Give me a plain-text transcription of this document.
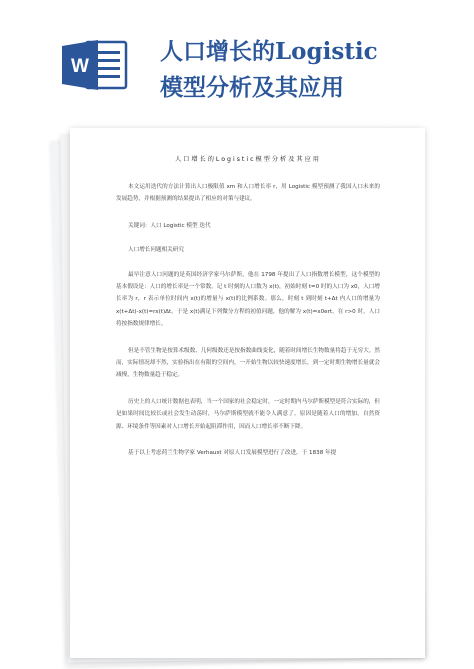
W
人口增长的Logistic
模型分析及其应用
人口增长的Logistic模型分析及其应用

本文运用迭代的方法计算出人口极限值 xm 和人口增长率 r，用 Logistic 模型预测了我国人口未来的发展趋势，并根据预测的结果提出了相应的对策与建议。

关键词：人口 Logistic 模型 迭代

人口增长问题相关研究

最早注意人口问题的是英国经济学家马尔萨斯，他在 1798 年提出了人口指数增长模型，这个模型的基本假设是：人口的增长率是一个常数。记 t 时刻的人口数为 x(t)，初始时刻 t=0 时的人口为 x0，人口增长率为 r，r 表示单位时间内 x(t)的增量与 x(t)的比例系数。那么，时刻 t 到时刻 t+Δt 内人口的增量为 x(t+Δt)-x(t)=rx(t)Δt。于是 x(t)满足下列微分方程的初值问题，他的解为 x(t)=x0ert。在 r>0 时，人口将按指数规律增长。

但是不管生物是按算术级数、几何级数还是按指数曲线变化，随着时间增长生物数量将趋于无穷大。然而，实际情况却不然，实验指出在有限的空间内，一开始生物以较快速度增长，到一定时期生物增长量就会减慢，生物数量趋于稳定。

历史上的人口统计数据也表明，当一个国家的社会稳定时，一定时期内马尔萨斯模型是符合实际的，但是如果时间比较长或社会发生动荡时，马尔萨斯模型就不能令人满意了。原因是随着人口的增加，自然资源、环境条件等因素对人口增长开始起阻滞作用，因而人口增长率不断下降。

基于以上考虑荷兰生物学家 Verhaust 对原人口发展模型进行了改进，于 1838 年提
